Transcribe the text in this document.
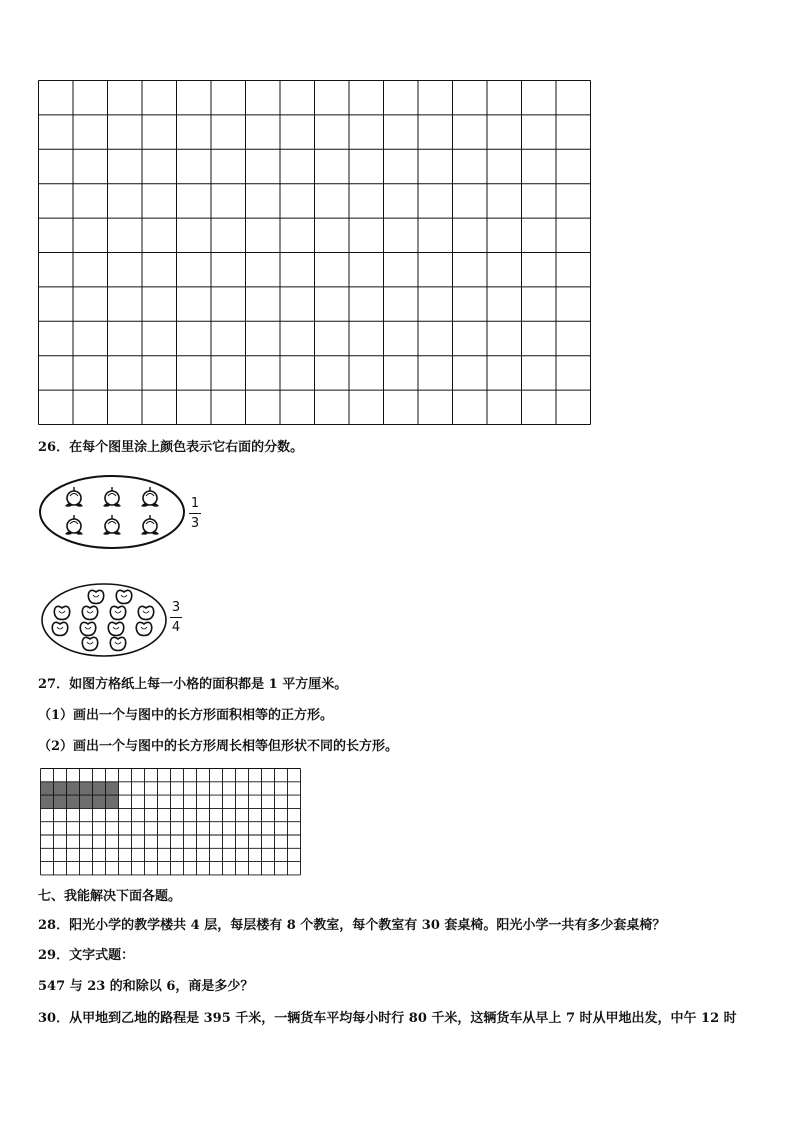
26．在每个图里涂上颜色表示它右面的分数。
1
3
3
4
27．如图方格纸上每一小格的面积都是 1 平方厘米。
（1）画出一个与图中的长方形面积相等的正方形。
（2）画出一个与图中的长方形周长相等但形状不同的长方形。
七、我能解决下面各题。
28．阳光小学的教学楼共 4 层，每层楼有 8 个教室，每个教室有 30 套桌椅。阳光小学一共有多少套桌椅？
29．文字式题：
547 与 23 的和除以 6，商是多少？
30．从甲地到乙地的路程是 395 千米，一辆货车平均每小时行 80 千米，这辆货车从早上 7 时从甲地出发，中午 12 时
